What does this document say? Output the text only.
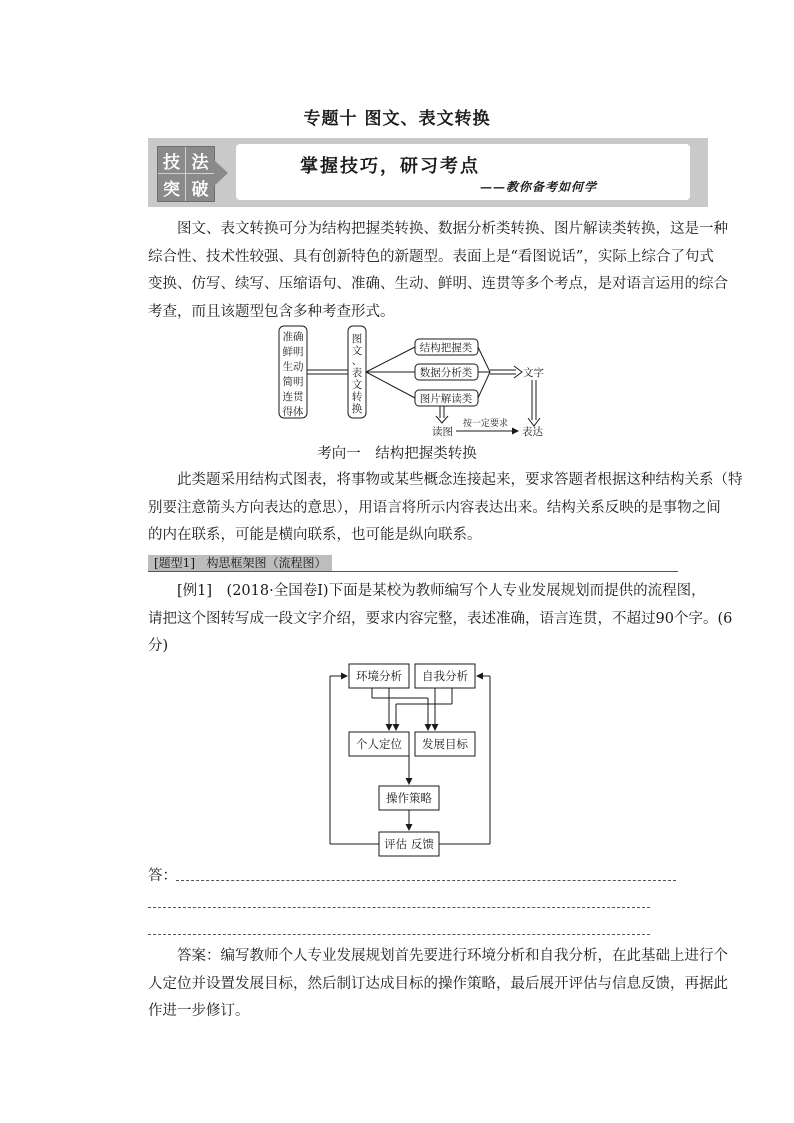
专题十 图文、表文转换
技 法
突 破
掌握技巧，研习考点
——教你备考如何学
图文、表文转换可分为结构把握类转换、数据分析类转换、图片解读类转换，这是一种
综合性、技术性较强、具有创新特色的新题型。表面上是“看图说话”，实际上综合了句式
变换、仿写、续写、压缩语句、准确、生动、鲜明、连贯等多个考点，是对语言运用的综合
考查，而且该题型包含多种考查形式。
准确
鲜明
生动
简明
连贯
得体
图
文
、
表
文
转
换
结构把握类
数据分析类
图片解读类
文字
读图
按一定要求
表达
考向一　结构把握类转换
此类题采用结构式图表，将事物或某些概念连接起来，要求答题者根据这种结构关系（特
别要注意箭头方向表达的意思），用语言将所示内容表达出来。结构关系反映的是事物之间
的内在联系，可能是横向联系，也可能是纵向联系。
[题型1] 构思框架图（流程图）
[例1]　(2018·全国卷Ⅰ)下面是某校为教师编写个人专业发展规划而提供的流程图，
请把这个图转写成一段文字介绍，要求内容完整，表述准确，语言连贯，不超过90个字。(6
分)
环境分析 自我分析
个人定位 发展目标
操作策略
评估 反馈
答：
答案：编写教师个人专业发展规划首先要进行环境分析和自我分析，在此基础上进行个
人定位并设置发展目标，然后制订达成目标的操作策略，最后展开评估与信息反馈，再据此
作进一步修订。
